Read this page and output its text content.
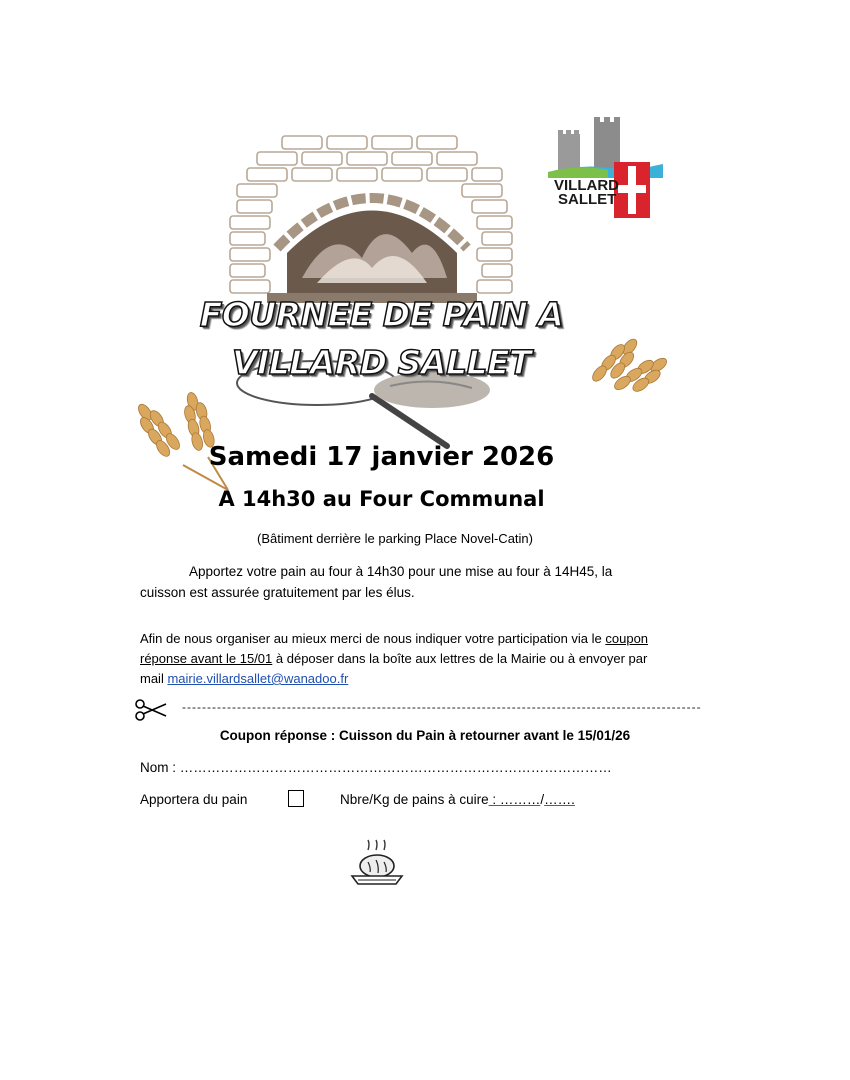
VILLARD
SALLET
FOURNEE DE PAIN A
VILLARD SALLET
Samedi 17 janvier 2026
A 14h30 au Four Communal
(Bâtiment derrière le parking Place Novel-Catin)
Apportez votre pain au four à 14h30 pour une mise au four à 14H45, la cuisson est assurée gratuitement par les élus.
Afin de nous organiser au mieux merci de nous indiquer votre participation via le coupon réponse avant le 15/01 à déposer dans la boîte aux lettres de la Mairie ou à envoyer par mail mairie.villardsallet@wanadoo.fr
--------------------------------------------------------------------------------------------------------
Coupon réponse : Cuisson du Pain à retourner avant le 15/01/26
Nom : ……………………………………………………………………………………
Apportera du pain	Nbre/Kg de pains à cuire : ………/…….
